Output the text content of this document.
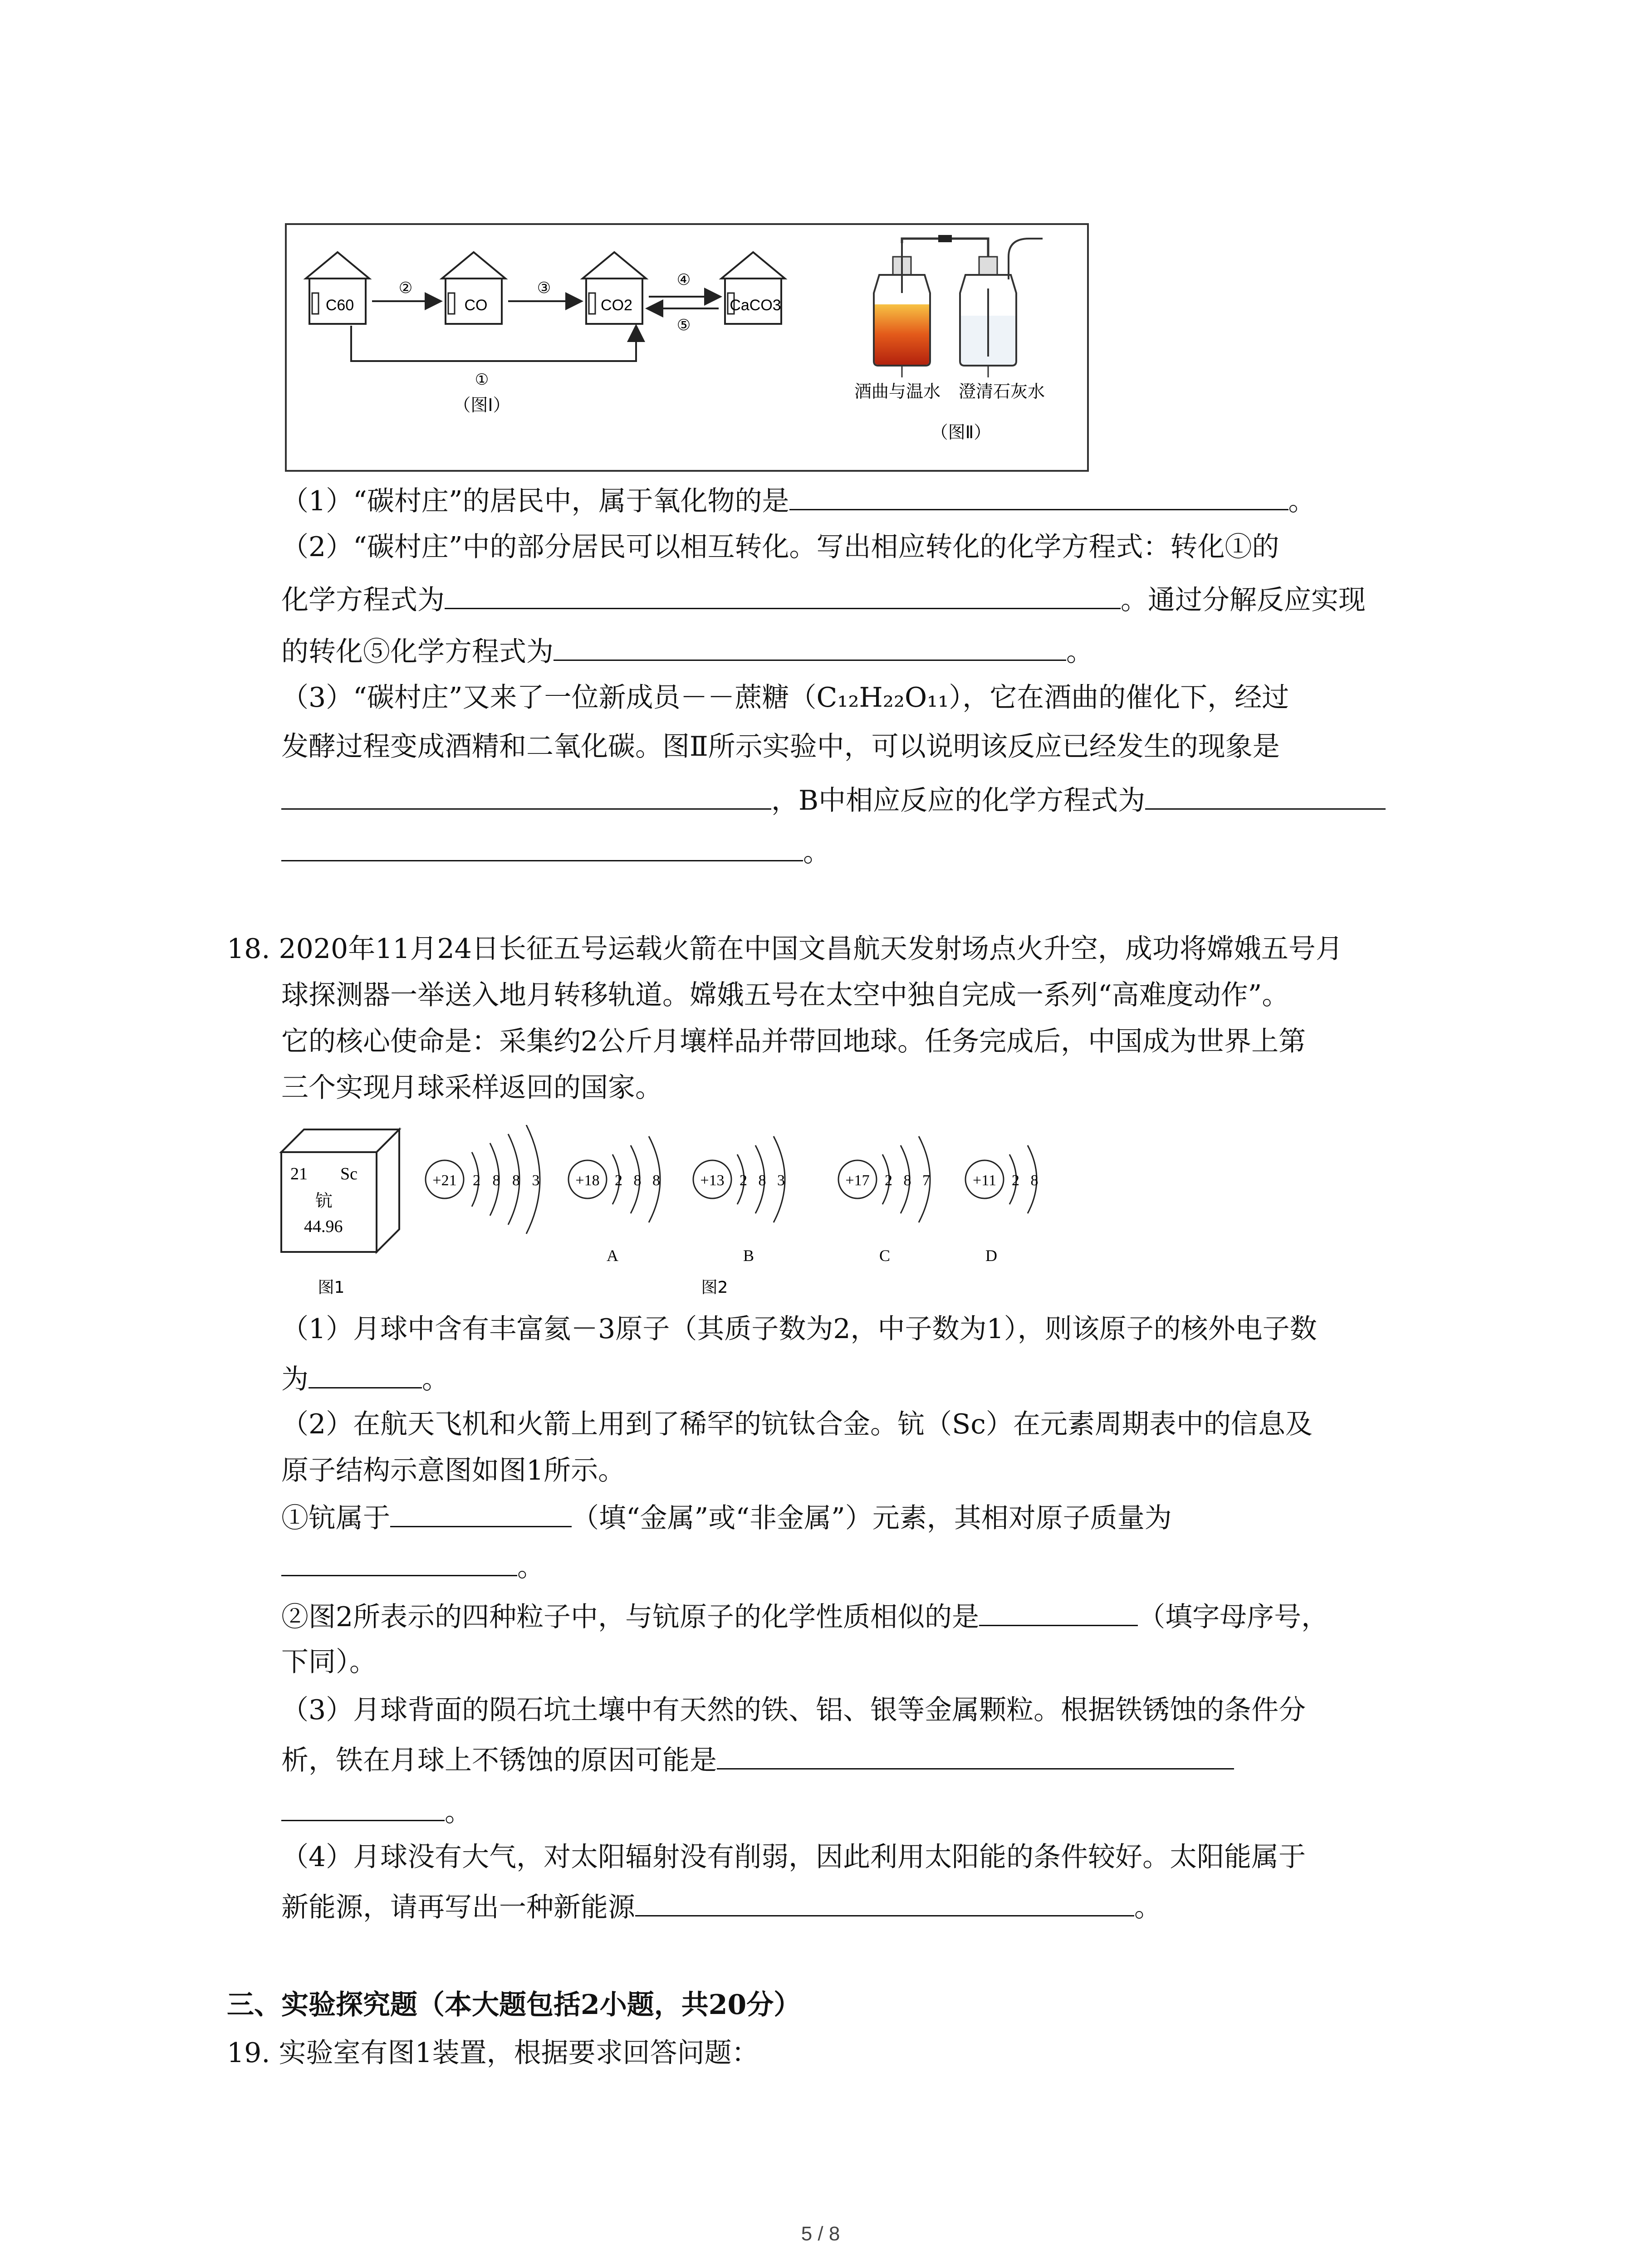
C60	CO	CO2	CaCO3
②	③	④
⑤
①
（图I）
酒曲与温水 澄清石灰水
（图Ⅱ）
（1）“碳村庄”的居民中，属于氧化物的是	。
（2）“碳村庄”中的部分居民可以相互转化。写出相应转化的化学方程式：转化①的
化学方程式为	。通过分解反应实现
的转化⑤化学方程式为	。
（3）“碳村庄”又来了一位新成员－－蔗糖（C₁₂H₂₂O₁₁），它在酒曲的催化下，经过
发酵过程变成酒精和二氧化碳。图Ⅱ所示实验中，可以说明该反应已经发生的现象是
，B中相应反应的化学方程式为
。
18. 2020年11月24日长征五号运载火箭在中国文昌航天发射场点火升空，成功将嫦娥五号月
球探测器一举送入地月转移轨道。嫦娥五号在太空中独自完成一系列“高难度动作”。
它的核心使命是：采集约2公斤月壤样品并带回地球。任务完成后，中国成为世界上第
三个实现月球采样返回的国家。
21 Sc
钪
44.96
图1	图2
+21 2 8 8 3 +18 2 8 8
A
+13 2 8 3
B
+17 2 8 7
C
+11 2 8
D
（1）月球中含有丰富氦－3原子（其质子数为2，中子数为1），则该原子的核外电子数
为	。
（2）在航天飞机和火箭上用到了稀罕的钪钛合金。钪（Sc）在元素周期表中的信息及
原子结构示意图如图1所示。
①钪属于	（填“金属”或“非金属”）元素，其相对原子质量为
。
②图2所表示的四种粒子中，与钪原子的化学性质相似的是	（填字母序号，
下同）。
（3）月球背面的陨石坑土壤中有天然的铁、铝、银等金属颗粒。根据铁锈蚀的条件分
析，铁在月球上不锈蚀的原因可能是
。
（4）月球没有大气，对太阳辐射没有削弱，因此利用太阳能的条件较好。太阳能属于
新能源，请再写出一种新能源	。
三、实验探究题（本大题包括2小题，共20分）
19. 实验室有图1装置，根据要求回答问题：
5 / 8
